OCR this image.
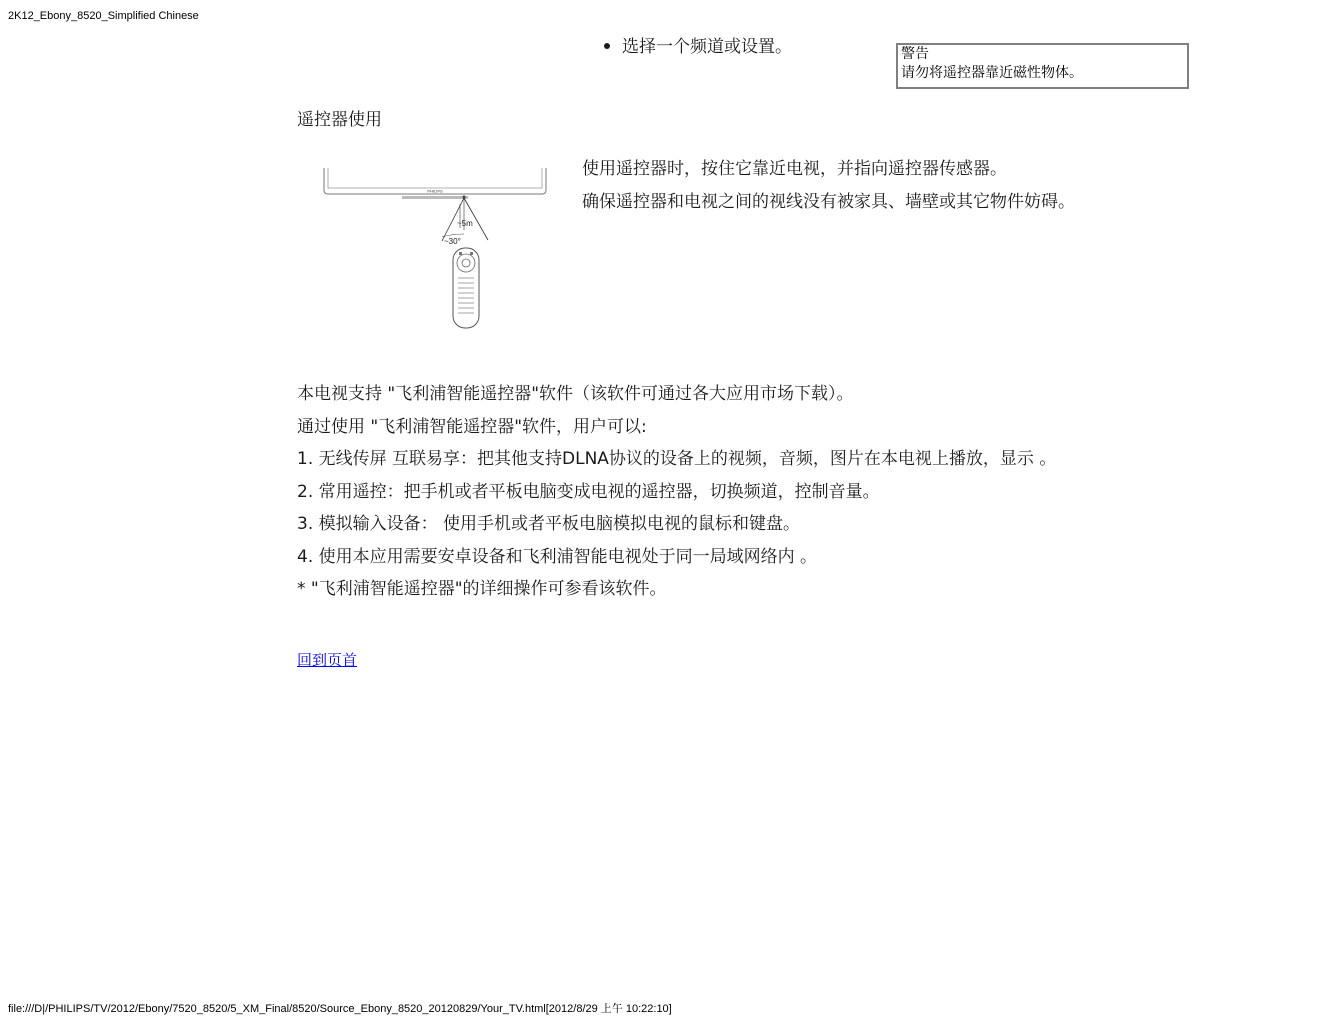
2K12_Ebony_8520_Simplified Chinese
选择一个频道或设置。	警告
请勿将遥控器靠近磁性物体。
遥控器使用
PHILIPS
~5m
~30°
使用遥控器时，按住它靠近电视，并指向遥控器传感器。
确保遥控器和电视之间的视线没有被家具、墙壁或其它物件妨碍。
本电视支持 "飞利浦智能遥控器"软件（该软件可通过各大应用市场下载）。
通过使用 "飞利浦智能遥控器"软件，用户可以:
1. 无线传屏 互联易享：把其他支持DLNA协议的设备上的视频，音频，图片在本电视上播放，显示 。
2. 常用遥控：把手机或者平板电脑变成电视的遥控器，切换频道，控制音量。
3. 模拟输入设备： 使用手机或者平板电脑模拟电视的鼠标和键盘。
4. 使用本应用需要安卓设备和飞利浦智能电视处于同一局域网络内 。
* "飞利浦智能遥控器"的详细操作可参看该软件。
回到页首
file:///D|/PHILIPS/TV/2012/Ebony/7520_8520/5_XM_Final/8520/Source_Ebony_8520_20120829/Your_TV.html[2012/8/29 上午 10:22:10]
